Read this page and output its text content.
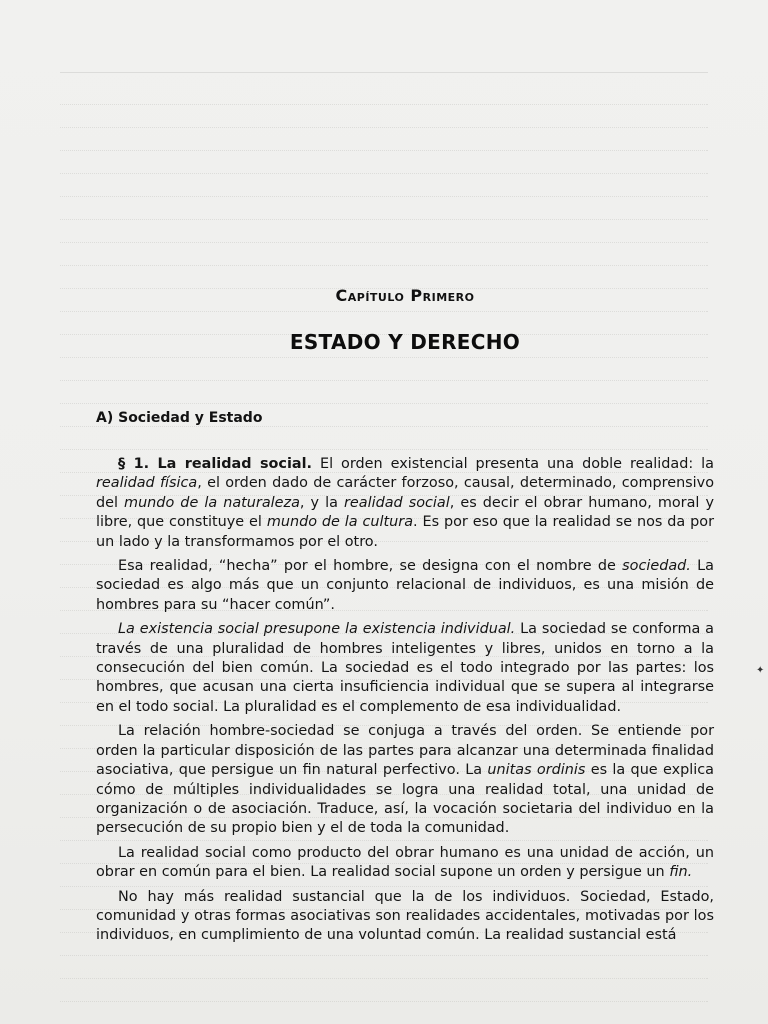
Capítulo Primero
ESTADO Y DERECHO
A) Sociedad y Estado

§ 1. La realidad social. El orden existencial presenta una doble realidad: la realidad física, el orden dado de carácter forzoso, causal, determinado, comprensivo del mundo de la naturaleza, y la realidad social, es decir el obrar humano, moral y libre, que constituye el mundo de la cultura. Es por eso que la realidad se nos da por un lado y la transformamos por el otro.

Esa realidad, “hecha” por el hombre, se designa con el nombre de sociedad. La sociedad es algo más que un conjunto relacional de individuos, es una misión de hombres para su “hacer común”.

La existencia social presupone la existencia individual. La sociedad se conforma a través de una pluralidad de hombres inteligentes y libres, unidos en torno a la consecución del bien común. La sociedad es el todo integrado por las partes: los hombres, que acusan una cierta insuficiencia individual que se supera al integrarse en el todo social. La pluralidad es el complemento de esa individualidad.

La relación hombre-sociedad se conjuga a través del orden. Se entiende por orden la particular disposición de las partes para alcanzar una determinada finalidad asociativa, que persigue un fin natural perfectivo. La unitas ordinis es la que explica cómo de múltiples individualidades se logra una realidad total, una unidad de organización o de asociación. Traduce, así, la vocación societaria del individuo en la persecución de su propio bien y el de toda la comunidad.

La realidad social como producto del obrar humano es una unidad de acción, un obrar en común para el bien. La realidad social supone un orden y persigue un fin.

No hay más realidad sustancial que la de los individuos. Sociedad, Estado, comunidad y otras formas asociativas son realidades accidentales, motivadas por los individuos, en cumplimiento de una voluntad común. La realidad sustancial está

✦
